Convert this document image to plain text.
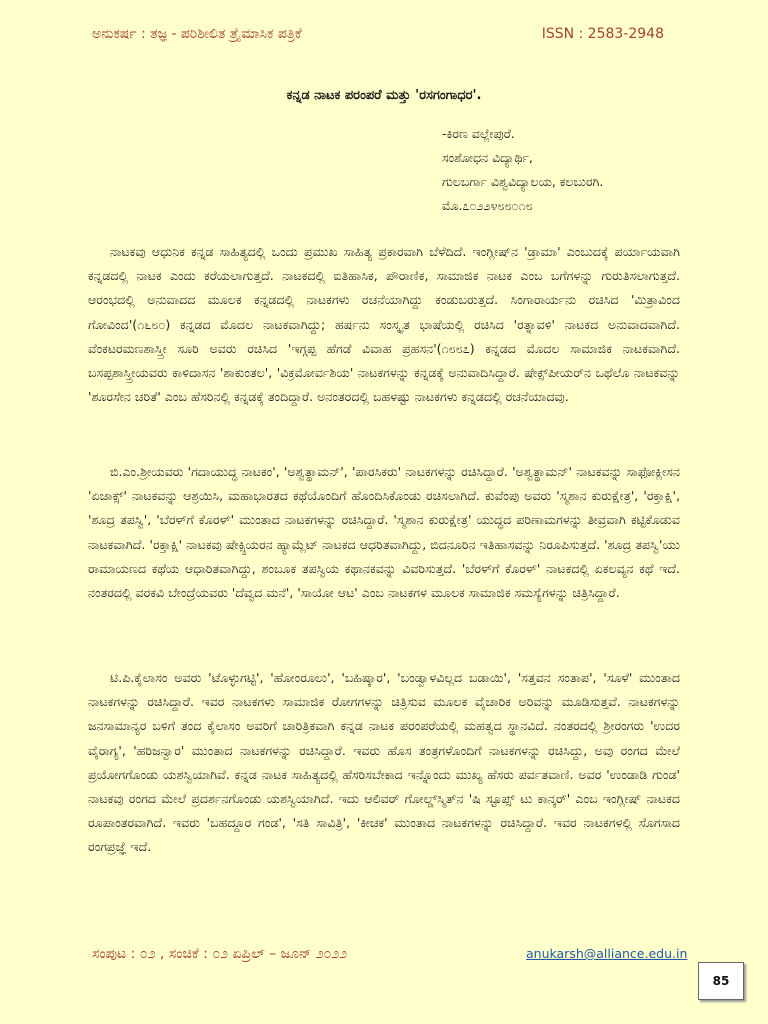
ಅನುಕರ್ಷ : ತಜ್ಞ - ಪರಿಶೀಲಿತ ತ್ರೈಮಾಸಿಕ ಪತ್ರಿಕೆ	ISSN : 2583-2948
ಕನ್ನಡ ನಾಟಕ ಪರಂಪರೆ ಮತ್ತು 'ರಸಗಂಗಾಧರ'.
-ಕಿರಣ ವಲ್ಲೇಪುರೆ.
ಸಂಶೋಧನ ವಿದ್ಯಾರ್ಥಿ,
ಗುಲಬರ್ಗಾ ವಿಶ್ವವಿದ್ಯಾಲಯ, ಕಲಬುರಗಿ.
ಮೊ.೭೦೨೨೪೮೮೦೧೮

ನಾಟಕವು ಆಧುನಿಕ ಕನ್ನಡ ಸಾಹಿತ್ಯದಲ್ಲಿ ಒಂದು ಪ್ರಮುಖ ಸಾಹಿತ್ಯ ಪ್ರಕಾರವಾಗಿ ಬೆಳೆದಿದೆ. ಇಂಗ್ಲೀಷ್‌ನ 'ಡ್ರಾಮಾ' ಎಂಬುದಕ್ಕೆ ಪರ್ಯಾಯವಾಗಿ ಕನ್ನಡದಲ್ಲಿ ನಾಟಕ ಎಂದು ಕರೆಯಲಾಗುತ್ತದೆ. ನಾಟಕದಲ್ಲಿ ಐತಿಹಾಸಿಕ, ಪೌರಾಣಿಕ, ಸಾಮಾಜಿಕ ನಾಟಕ ಎಂಬ ಬಗೆಗಳನ್ನು ಗುರುತಿಸಲಾಗುತ್ತದೆ. ಆರಂಭದಲ್ಲಿ ಅನುವಾದದ ಮೂಲಕ ಕನ್ನಡದಲ್ಲಿ ನಾಟಕಗಳು ರಚನೆಯಾಗಿದ್ದು ಕಂಡುಬರುತ್ತದೆ. ಸಿಂಗಾರಾರ್ಯನು ರಚಿಸಿದ 'ಮಿತ್ರಾವಿಂದ ಗೋವಿಂದ'(೧೬೮೦) ಕನ್ನಡದ ಮೊದಲ ನಾಟಕವಾಗಿದ್ದು; ಹರ್ಷನು ಸಂಸ್ಕೃತ ಭಾಷೆಯಲ್ಲಿ ರಚಿಸಿದ 'ರತ್ನಾವಳಿ' ನಾಟಕದ ಅನುವಾದವಾಗಿದೆ. ವೆಂಕಟರಮಣಶಾಸ್ತ್ರೀ ಸೂರಿ ಅವರು ರಚಿಸಿದ 'ಇಗ್ಗಪ್ಪ ಹೆಗಡೆ ವಿವಾಹ ಪ್ರಹಸನ'(೧೮೮೭) ಕನ್ನಡದ ಮೊದಲ ಸಾಮಾಜಿಕ ನಾಟಕವಾಗಿದೆ. ಬಸಪ್ಪಶಾಸ್ತ್ರೀಯವರು ಕಾಳಿದಾಸನ 'ಶಾಕುಂತಲ', 'ವಿಕ್ರಮೋರ್ವಶಿಯ' ನಾಟಕಗಳನ್ನು ಕನ್ನಡಕ್ಕೆ ಅನುವಾದಿಸಿದ್ದಾರೆ. ಷೇಕ್ಸ್‌ಪೀಯರ್‌ನ ಒಥೆಲೊ ನಾಟಕವನ್ನು 'ಶೂರಸೇನ ಚರಿತೆ' ಎಂಬ ಹೆಸರಿನಲ್ಲಿ ಕನ್ನಡಕ್ಕೆ ತಂದಿದ್ದಾರೆ. ಅನಂತರದಲ್ಲಿ ಬಹಳಷ್ಟು ನಾಟಕಗಳು ಕನ್ನಡದಲ್ಲಿ ರಚನೆಯಾದವು.

ಬಿ.ಎಂ.ಶ್ರೀಯವರು 'ಗದಾಯುದ್ಧ ನಾಟಕಂ', 'ಅಶ್ವತ್ಥಾಮನ್', 'ಪಾರಸಿಕರು' ನಾಟಕಗಳನ್ನು ರಚಿಸಿದ್ದಾರೆ. 'ಅಶ್ವತ್ಥಾಮನ್' ನಾಟಕವನ್ನು ಸಾಫೋಕ್ಲೀಸನ 'ಏಜಾಕ್ಸ್' ನಾಟಕವನ್ನು ಆಶ್ರಯಿಸಿ, ಮಹಾಭಾರತದ ಕಥೆಯೊಂದಿಗೆ ಹೊಂದಿಸಿಕೊಂಡು ರಚಿಸಲಾಗಿದೆ. ಕುವೆಂಪು ಅವರು 'ಸ್ಮಶಾನ ಕುರುಕ್ಷೇತ್ರ', 'ರಕ್ತಾಕ್ಷಿ', 'ಶೂದ್ರ ತಪಸ್ವಿ', 'ಬೆರಳ್‌ಗೆ ಕೊರಳ್' ಮುಂತಾದ ನಾಟಕಗಳನ್ನು ರಚಿಸಿದ್ದಾರೆ. 'ಸ್ಮಶಾನ ಕುರುಕ್ಷೇತ್ರ' ಯುದ್ಧದ ಪರಿಣಾಮಗಳನ್ನು ತೀವ್ರವಾಗಿ ಕಟ್ಟಿಕೊಡುವ ನಾಟಕವಾಗಿದೆ. 'ರಕ್ತಾಕ್ಷಿ' ನಾಟಕವು ಷೇಕ್ಸ್ಪಿಯರನ ಹ್ಯಾಮ್ಲೆಟ್ ನಾಟಕದ ಆಧರಿತವಾಗಿದ್ದು, ಬಿದನೂರಿನ ಇತಿಹಾಸವನ್ನು ನಿರೂಪಿಸುತ್ತದೆ. 'ಶೂದ್ರ ತಪಸ್ವಿ'ಯು ರಾಮಾಯಣದ ಕಥೆಯ ಆಧಾರಿತವಾಗಿದ್ದು, ಶಂಬೂಕ ತಪಸ್ವಿಯ ಕಥಾನಕವನ್ನು ವಿವರಿಸುತ್ತದೆ. 'ಬೆರಳ್‌ಗೆ ಕೊರಳ್' ನಾಟಕದಲ್ಲಿ ಏಕಲವ್ಯನ ಕಥೆ ಇದೆ. ನಂತರದಲ್ಲಿ ವರಕವಿ ಬೇಂದ್ರೆಯವರು 'ದೆವ್ವದ ಮನೆ', 'ಸಾಯೋ ಆಟ' ಎಂಬ ನಾಟಕಗಳ ಮೂಲಕ ಸಾಮಾಜಿಕ ಸಮಸ್ಯೆಗಳನ್ನು ಚಿತ್ರಿಸಿದ್ದಾರೆ.

ಟಿ.ಪಿ.ಕೈಲಾಸಂ ಅವರು 'ಟೊಳ್ಳುಗಟ್ಟಿ', 'ಹೋಂರೂಲು', 'ಬಹಿಷ್ಕಾರ', 'ಬಂಡ್ವಾಳವಿಲ್ಲದ ಬಡಾಯಿ', 'ಸತ್ತವನ ಸಂತಾಪ', 'ಸೂಳೆ' ಮುಂತಾದ ನಾಟಕಗಳನ್ನು ರಚಿಸಿದ್ದಾರೆ. ಇವರ ನಾಟಕಗಳು ಸಾಮಾಜಿಕ ರೋಗಗಳನ್ನು ಚಿತ್ರಿಸುವ ಮೂಲಕ ವೈಚಾರಿಕ ಅರಿವನ್ನು ಮೂಡಿಸುತ್ತವೆ. ನಾಟಕಗಳನ್ನು ಜನಸಾಮಾನ್ಯರ ಬಳಿಗೆ ತಂದ ಕೈಲಾಸಂ ಅವರಿಗೆ ಚಾರಿತ್ರಿಕವಾಗಿ ಕನ್ನಡ ನಾಟಕ ಪರಂಪರೆಯಲ್ಲಿ ಮಹತ್ವದ ಸ್ಥಾನವಿದೆ. ನಂತರದಲ್ಲಿ ಶ್ರೀರಂಗರು 'ಉದರ ವೈರಾಗ್ಯ', 'ಹರಿಜನ್ವಾರ' ಮುಂತಾದ ನಾಟಕಗಳನ್ನು ರಚಿಸಿದ್ದಾರೆ. ಇವರು ಹೊಸ ತಂತ್ರಗಳೊಂದಿಗೆ ನಾಟಕಗಳನ್ನು ರಚಿಸಿದ್ದು, ಅವು ರಂಗದ ಮೇಲೆ ಪ್ರಯೋಗಗೊಂಡು ಯಶಸ್ವಿಯಾಗಿವೆ. ಕನ್ನಡ ನಾಟಕ ಸಾಹಿತ್ಯದಲ್ಲಿ ಹೆಸರಿಸಬೇಕಾದ ಇನ್ನೊಂದು ಮುಖ್ಯ ಹೆಸರು ಪರ್ವತವಾಣಿ. ಅವರ 'ಉಂಡಾಡಿ ಗುಂಡ' ನಾಟಕವು ರಂಗದ ಮೇಲೆ ಪ್ರದರ್ಶನಗೊಂಡು ಯಶಸ್ವಿಯಾಗಿದೆ. ಇದು ಆಲಿವರ್ ಗೋಲ್ಡ್‌ಸ್ಮಿತ್‌ನ 'ಷಿ ಸ್ಟೂಪ್ಸ್ ಟು ಕಾನ್ಕರ್' ಎಂಬ ಇಂಗ್ಲೀಷ್ ನಾಟಕದ ರೂಪಾಂತರವಾಗಿದೆ. ಇವರು 'ಬಹದ್ದೂರ ಗಂಡ', 'ಸತಿ ಸಾವಿತ್ರಿ', 'ಕೀಚಕ' ಮುಂತಾದ ನಾಟಕಗಳನ್ನು ರಚಿಸಿದ್ದಾರೆ. ಇವರ ನಾಟಕಗಳಲ್ಲಿ ಸೊಗಸಾದ ರಂಗಪ್ರಜ್ಞೆ ಇದೆ.

ಸಂಪುಟ : ೦೨ , ಸಂಚಿಕೆ : ೦೨ ಏಪ್ರಿಲ್ – ಜೂನ್ ೨೦೨೨	anukarsh@alliance.edu.in
85
